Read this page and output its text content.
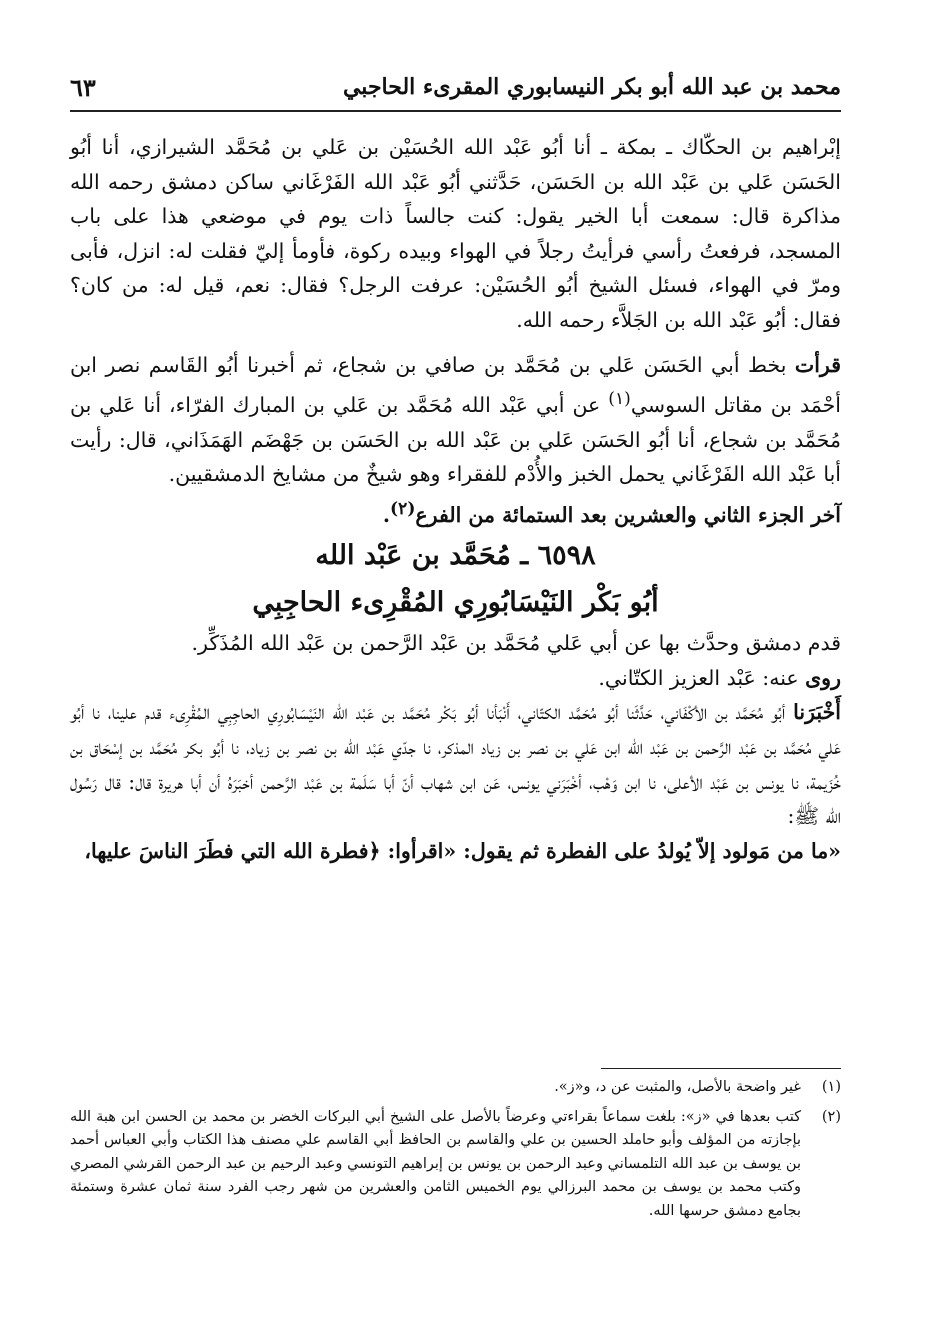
محمد بن عبد الله أبو بكر النيسابوري المقرىء الحاجبي
٦٣

إبْراهيم بن الحكّاك ـ بمكة ـ أنا أبُو عَبْد الله الحُسَيْن بن عَلي بن مُحَمَّد الشيرازي، أنا أبُو الحَسَن عَلي بن عَبْد الله بن الحَسَن، حَدَّثني أبُو عَبْد الله الفَرْغَاني ساكن دمشق رحمه الله مذاكرة قال: سمعت أبا الخير يقول: كنت جالساً ذات يوم في موضعي هذا على باب المسجد، فرفعتُ رأسي فرأيتُ رجلاً في الهواء وبيده ركوة، فأومأ إليّ فقلت له: انزل، فأبى ومرّ في الهواء، فسئل الشيخ أبُو الحُسَيْن: عرفت الرجل؟ فقال: نعم، قيل له: من كان؟ فقال: أبُو عَبْد الله بن الجَلاَّء رحمه الله.

قرأت بخط أبي الحَسَن عَلي بن مُحَمَّد بن صافي بن شجاع، ثم أخبرنا أبُو القَاسم نصر ابن أحْمَد بن مقاتل السوسي$^{(١)}$ عن أبي عَبْد الله مُحَمَّد بن عَلي بن المبارك الفرّاء، أنا عَلي بن مُحَمَّد بن شجاع، أنا أبُو الحَسَن عَلي بن عَبْد الله بن الحَسَن بن جَهْضَم الهَمَذَاني، قال: رأيت أبا عَبْد الله الفَرْغَاني يحمل الخبز والأُدْم للفقراء وهو شيخٌ من مشايخ الدمشقيين.

آخر الجزء الثاني والعشرين بعد الستمائة من الفرع$^{(٢)}$.

٦٥٩٨ ـ مُحَمَّد بن عَبْد الله

أبُو بَكْر النَيْسَابُورِي المُقْرِىء الحاجِبِي

قدم دمشق وحدَّث بها عن أبي عَلي مُحَمَّد بن عَبْد الرَّحمن بن عَبْد الله المُذَكِّر.

روى عنه: عَبْد العزيز الكتّاني.

أَخْبَرَنا أبُو مُحَمَّد بن الأكْفَاني، حَدَّثَنا أبُو مُحَمَّد الكتّاني، أَنْبَأنا أبُو بَكْر مُحَمَّد بن عَبْد الله النَيْسَابُورِي الحاجِبِي المُقْرِىء قدم علينا، نا أبُو عَلي مُحَمَّد بن عَبْد الرَّحمن بن عَبْد الله ابن عَلي بن نصر بن زياد المذكر، نا جدّي عَبْد الله بن نصر بن زياد، نا أبُو بكر مُحَمَّد بن إسْحَاق بن خُزَيمة، نا يونس بن عَبْد الأعلى، نا ابن وَهْب، أخْبَرَني يونس، عَن ابن شهاب أنّ أبا سَلَمة بن عَبْد الرَّحمن أخبَرَهُ أن أبا هريرة قال: قال رَسُول الله ﷺ:

«ما من مَولود إلاّ يُولدُ على الفطرة ثم يقول: «اقرأوا: ﴿فطرة الله التي فطَرَ الناسَ عليها،

(١)
غير واضحة بالأصل، والمثبت عن د، و«ز».
(٢)
كتب بعدها في «ز»: بلغت سماعاً بقراءتي وعرضاً بالأصل على الشيخ أبي البركات الخضر بن محمد بن الحسن ابن هبة الله بإجازته من المؤلف وأبو حاملد الحسين بن علي والقاسم بن الحافظ أبي القاسم علي مصنف هذا الكتاب وأبي العباس أحمد بن يوسف بن عبد الله التلمساني وعبد الرحمن بن يونس بن إبراهيم التونسي وعبد الرحيم بن عبد الرحمن القرشي المصري وكتب محمد بن يوسف بن محمد البرزالي يوم الخميس الثامن والعشرين من شهر رجب الفرد سنة ثمان عشرة وستمئة بجامع دمشق حرسها الله.
